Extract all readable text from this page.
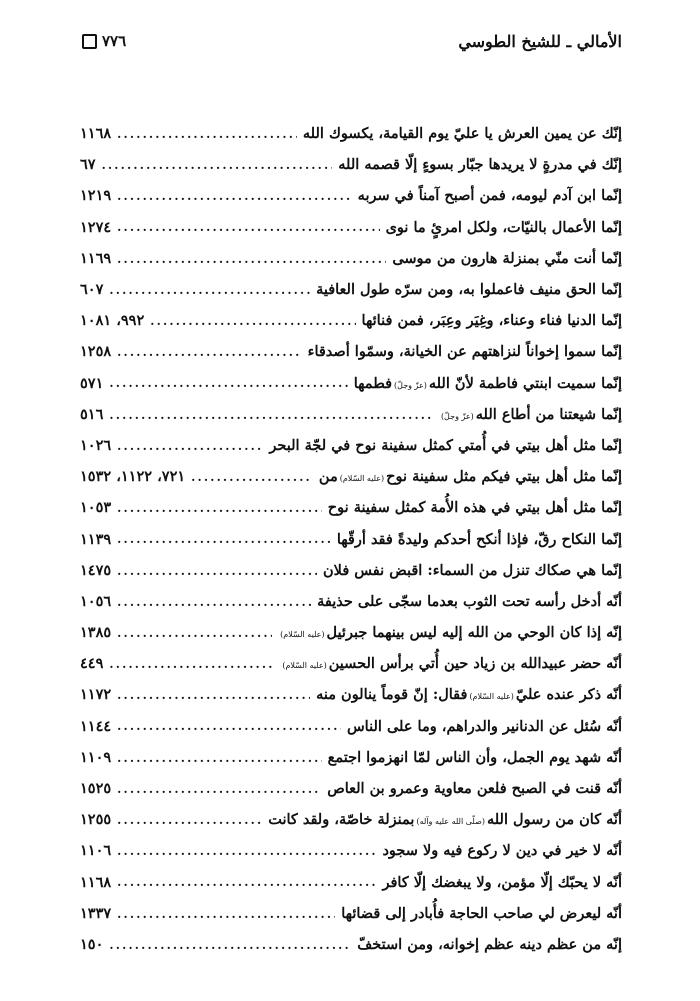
٧٧٦	الأمالي ـ للشيخ الطوسي
إنّك عن يمين العرش يا عليّ يوم القيامة، يكسوك الله
. . .
١١٦٨
إنّك في مدرةٍ لا يريدها جبّار بسوءٍ إلّا قصمه الله
. . .
٦٧
إنّما ابن آدم ليومه، فمن أصبح آمناً في سربه
. . .
١٢١٩
إنّما الأعمال بالنيّات، ولكل امرئٍ ما نوى
. . .
١٢٧٤
إنّما أنت منّي بمنزلة هارون من موسى
. . .
١١٦٩
إنّما الحق منيف فاعملوا به، ومن سرّه طول العافية
. . .
٦٠٧
إنّما الدنيا فناء وعناء، وغِيَر وعِبَر، فمن فنائها
. . .
٩٩٢، ١٠٨١
إنّما سموا إخواناً لنزاهتهم عن الخيانة، وسمّوا أصدقاء
. . .
١٢٥٨
إنّما سميت ابنتي فاطمة لأنّ الله(عزّ وجلّ)فطمها
. . .
٥٧١
إنّما شيعتنا من أطاع الله(عزّ وجلّ)
. . .
٥١٦
إنّما مثل أهل بيتي في أُمتي كمثل سفينة نوح في لجّة البحر
. . .
١٠٢٦
إنّما مثل أهل بيتي فيكم مثل سفينة نوح(عليه السّلام)من
. . .
٧٢١، ١١٢٢، ١٥٣٢
إنّما مثل أهل بيتي في هذه الأُمة كمثل سفينة نوح
. . .
١٠٥٣
إنّما النكاح رقّ، فإذا أنكح أحدكم وليدةً فقد أرقّها
. . .
١١٣٩
إنّما هي صكاك تنزل من السماء: اقبض نفس فلان
. . .
١٤٧٥
أنّه أدخل رأسه تحت الثوب بعدما سجّى على حذيفة
. . .
١٠٥٦
إنّه إذا كان الوحي من الله إليه ليس بينهما جبرئيل(عليه السّلام)
. . .
١٣٨٥
أنّه حضر عبيدالله بن زياد حين أُتي برأس الحسين(عليه السّلام)
. . .
٤٤٩
أنّه ذكر عنده عليّ(عليه السّلام)فقال: إنّ قوماً ينالون منه
. . .
١١٧٢
أنّه سُئل عن الدنانير والدراهم، وما على الناس
. . .
١١٤٤
أنّه شهد يوم الجمل، وأن الناس لمّا انهزموا اجتمع
. . .
١١٠٩
أنّه قنت في الصبح فلعن معاوية وعمرو بن العاص
. . .
١٥٢٥
أنّه كان من رسول الله(صلّى الله عليه وآله)بمنزلة خاصّة، ولقد كانت
. . .
١٢٥٥
أنّه لا خير في دين لا ركوع فيه ولا سجود
. . .
١١٠٦
أنّه لا يحبّك إلّا مؤمن، ولا يبغضك إلّا كافر
. . .
١١٦٨
أنّه ليعرض لي صاحب الحاجة فأُبادر إلى قضائها
. . .
١٣٣٧
إنّه من عظم دينه عظم إخوانه، ومن استخفّ
. . .
١٥٠
